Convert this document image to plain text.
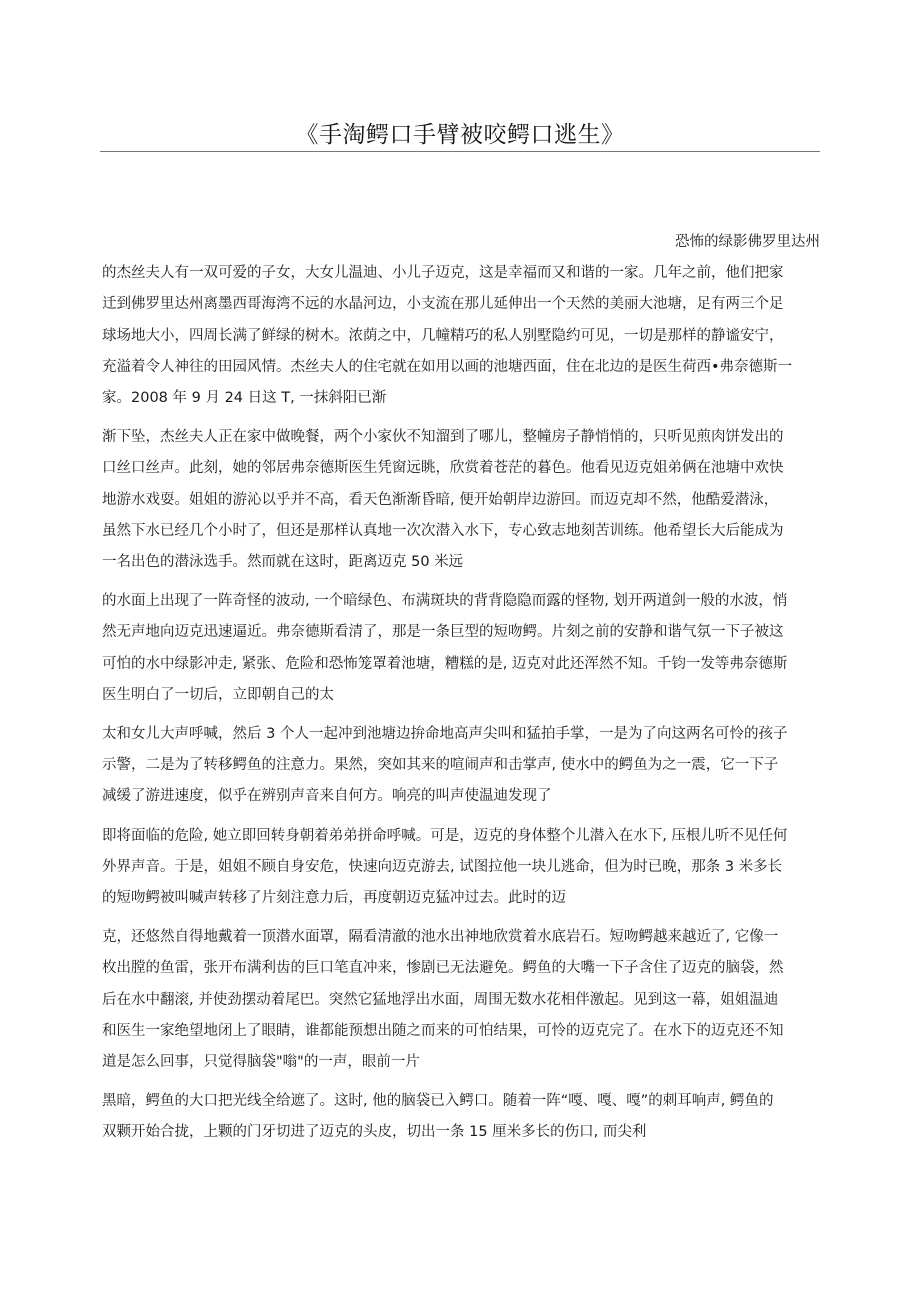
《手淘鳄口手臂被咬鳄口逃生》

恐怖的绿影佛罗里达州

的杰丝夫人有一双可爱的子女，大女儿温迪、小儿子迈克，这是幸福而又和谐的一家。几年之前，他们把家
迁到佛罗里达州离墨西哥海湾不远的水晶河边，小支流在那儿延伸出一个天然的美丽大池塘，足有两三个足
球场地大小，四周长满了鲜绿的树木。浓荫之中，几幢精巧的私人别墅隐约可见，一切是那样的静谧安宁，
充溢着令人神往的田园风情。杰丝夫人的住宅就在如用以画的池塘西面，住在北边的是医生荷西•弗奈德斯一
家。2008 年 9 月 24 日这 T, 一抹斜阳已渐

渐下坠，杰丝夫人正在家中做晚餐，两个小家伙不知溜到了哪儿，整幢房子静悄悄的，只听见煎肉饼发出的
口丝口丝声。此刻，她的邻居弗奈德斯医生凭窗远眺，欣赏着苍茫的暮色。他看见迈克姐弟俩在池塘中欢快
地游水戏耍。姐姐的游沁以乎并不高，看天色渐渐昏暗, 便开始朝岸边游回。而迈克却不然，他酷爱潜泳，
虽然下水已经几个小时了，但还是那样认真地一次次潜入水下，专心致志地刻苦训练。他希望长大后能成为
一名出色的潜泳选手。然而就在这时，距离迈克 50 米远

的水面上出现了一阵奇怪的波动, 一个暗绿色、布满斑块的背背隐隐而露的怪物, 划开两道剑一般的水波，悄
然无声地向迈克迅速逼近。弗奈德斯看清了，那是一条巨型的短吻鳄。片刻之前的安静和谐气氛一下子被这
可怕的水中绿影冲走, 紧张、危险和恐怖笼罩着池塘，糟糕的是, 迈克对此还浑然不知。千钧一发等弗奈德斯
医生明白了一切后，立即朝自己的太

太和女儿大声呼喊，然后 3 个人一起冲到池塘边拚命地高声尖叫和猛拍手掌，一是为了向这两名可怜的孩子
示警，二是为了转移鳄鱼的注意力。果然，突如其来的喧闹声和击掌声, 使水中的鳄鱼为之一震，它一下子
减缓了游进速度，似乎在辨别声音来自何方。响亮的叫声使温迪发现了

即将面临的危险, 她立即回转身朝着弟弟拼命呼喊。可是，迈克的身体整个儿潜入在水下, 压根儿听不见任何
外界声音。于是，姐姐不顾自身安危，快速向迈克游去, 试图拉他一块儿逃命，但为时已晚，那条 3 米多长
的短吻鳄被叫喊声转移了片刻注意力后，再度朝迈克猛冲过去。此时的迈

克，还悠然自得地戴着一顶潜水面罩，隔看清澈的池水出神地欣赏着水底岩石。短吻鳄越来越近了, 它像一
枚出膛的鱼雷，张开布满利齿的巨口笔直冲来，惨剧已无法避免。鳄鱼的大嘴一下子含住了迈克的脑袋，然
后在水中翻滚, 并使劲摆动着尾巴。突然它猛地浮出水面，周围无数水花相伴激起。见到这一幕，姐姐温迪
和医生一家绝望地闭上了眼睛，谁都能预想出随之而来的可怕结果，可怜的迈克完了。在水下的迈克还不知
道是怎么回事，只觉得脑袋"嗡"的一声，眼前一片

黑暗，鳄鱼的大口把光线全给遮了。这时, 他的脑袋已入鳄口。随着一阵“嘎、嘎、嘎”的刺耳响声, 鳄鱼的
双颗开始合拢，上颗的门牙切进了迈克的头皮，切出一条 15 厘米多长的伤口, 而尖利
